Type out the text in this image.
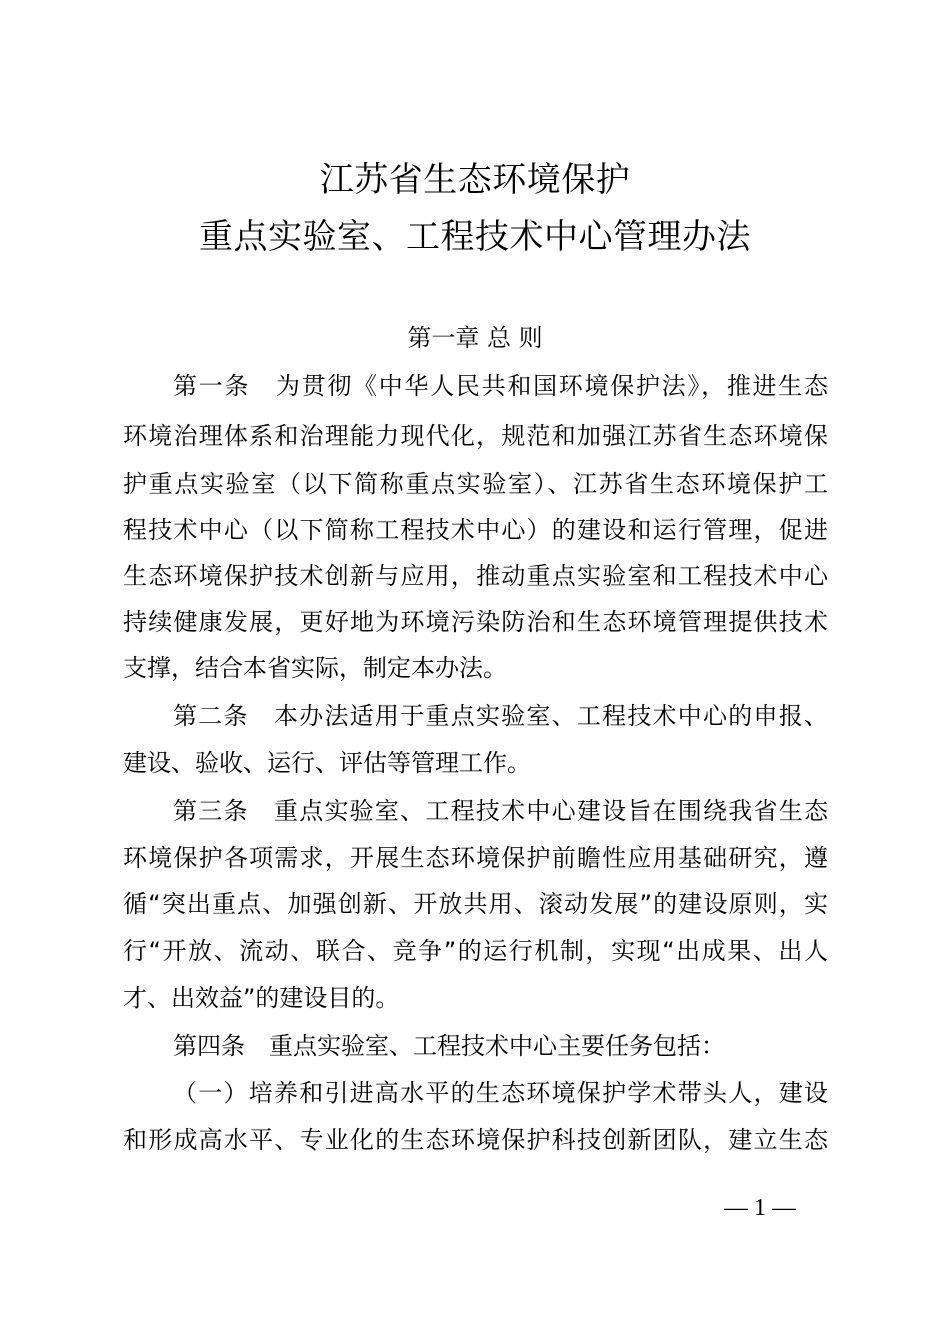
江苏省生态环境保护
重点实验室、工程技术中心管理办法
第一章 总 则
第一条　为贯彻《中华人民共和国环境保护法》，推进生态
环境治理体系和治理能力现代化，规范和加强江苏省生态环境保
护重点实验室（以下简称重点实验室）、江苏省生态环境保护工
程技术中心（以下简称工程技术中心）的建设和运行管理，促进
生态环境保护技术创新与应用，推动重点实验室和工程技术中心
持续健康发展，更好地为环境污染防治和生态环境管理提供技术
支撑，结合本省实际，制定本办法。
第二条　本办法适用于重点实验室、工程技术中心的申报、
建设、验收、运行、评估等管理工作。
第三条　重点实验室、工程技术中心建设旨在围绕我省生态
环境保护各项需求，开展生态环境保护前瞻性应用基础研究，遵
循“突出重点、加强创新、开放共用、滚动发展”的建设原则，实
行“开放、流动、联合、竞争”的运行机制，实现“出成果、出人
才、出效益”的建设目的。
第四条　重点实验室、工程技术中心主要任务包括：
（一）培养和引进高水平的生态环境保护学术带头人，建设
和形成高水平、专业化的生态环境保护科技创新团队，建立生态
— 1 —
